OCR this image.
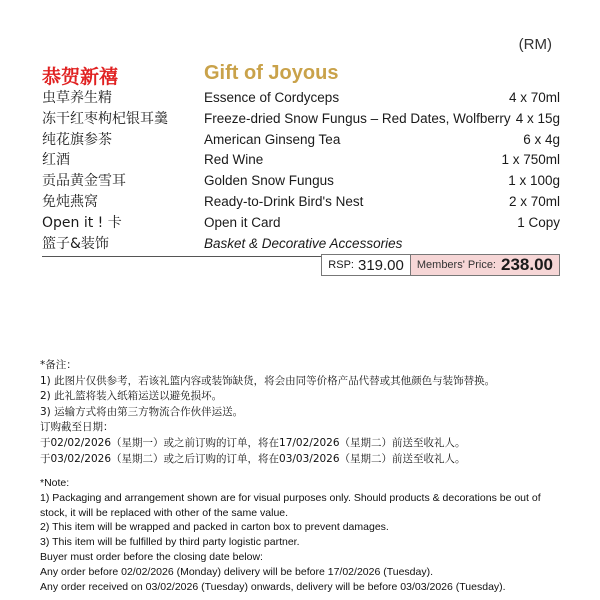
(RM)
恭贺新禧	Gift of Joyous
虫草养生精	Essence of Cordyceps	4 x 70ml
冻干红枣枸杞银耳羹	Freeze-dried Snow Fungus – Red Dates, Wolfberry 4 x 15g
纯花旗参茶	American Ginseng Tea	6 x 4g
红酒	Red Wine	1 x 750ml
贡品黄金雪耳	Golden Snow Fungus	1 x 100g
免炖燕窝	Ready-to-Drink Bird's Nest	2 x 70ml
Open it ! 卡	Open it Card	1 Copy
篮子&装饰	Basket & Decorative Accessories
RSP: 319.00 Members' Price: 238.00
*备注：
1) 此图片仅供参考，若该礼篮内容或装饰缺货，将会由同等价格产品代替或其他颜色与装饰替换。
2) 此礼篮将装入纸箱运送以避免损坏。
3) 运输方式将由第三方物流合作伙伴运送。
订购截至日期：
于02/02/2026（星期一）或之前订购的订单，将在17/02/2026（星期二）前送至收礼人。
于03/02/2026（星期二）或之后订购的订单，将在03/03/2026（星期二）前送至收礼人。
*Note:
1) Packaging and arrangement shown are for visual purposes only. Should products & decorations be out of stock, it will be replaced with other of the same value.
2) This item will be wrapped and packed in carton box to prevent damages.
3) This item will be fulfilled by third party logistic partner.
Buyer must order before the closing date below:
Any order before 02/02/2026 (Monday) delivery will be before 17/02/2026 (Tuesday).
Any order received on 03/02/2026 (Tuesday) onwards, delivery will be before 03/03/2026 (Tuesday).
